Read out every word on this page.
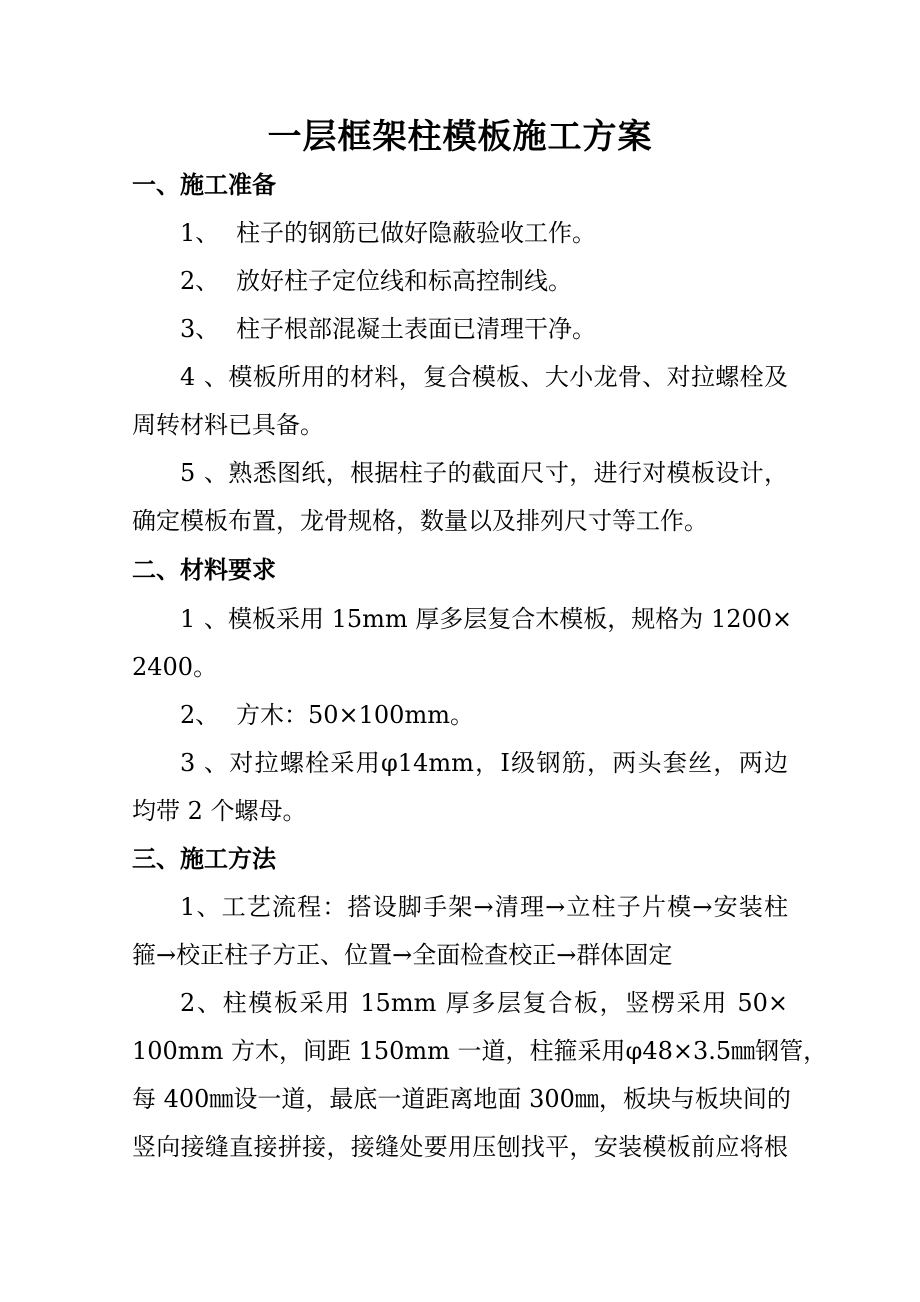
一层框架柱模板施工方案
一、施工准备
1、 柱子的钢筋已做好隐蔽验收工作。
2、 放好柱子定位线和标高控制线。
3、 柱子根部混凝土表面已清理干净。
4、模板所用的材料，复合模板、大小龙骨、对拉螺栓及
周转材料已具备。
5、熟悉图纸，根据柱子的截面尺寸，进行对模板设计，
确定模板布置，龙骨规格，数量以及排列尺寸等工作。
二、材料要求
1、模板采用 15mm 厚多层复合木模板，规格为 1200×
2400。
2、 方木：50×100mm。
3、对拉螺栓采用φ14mm，Ⅰ级钢筋，两头套丝，两边
均带 2 个螺母。
三、施工方法
1、工艺流程：搭设脚手架→清理→立柱子片模→安装柱
箍→校正柱子方正、位置→全面检查校正→群体固定
2、柱模板采用 15mm 厚多层复合板，竖楞采用 50×
100mm 方木，间距 150mm 一道，柱箍采用φ48×3.5㎜钢管，
每 400㎜设一道，最底一道距离地面 300㎜，板块与板块间的
竖向接缝直接拼接，接缝处要用压刨找平，安装模板前应将根
